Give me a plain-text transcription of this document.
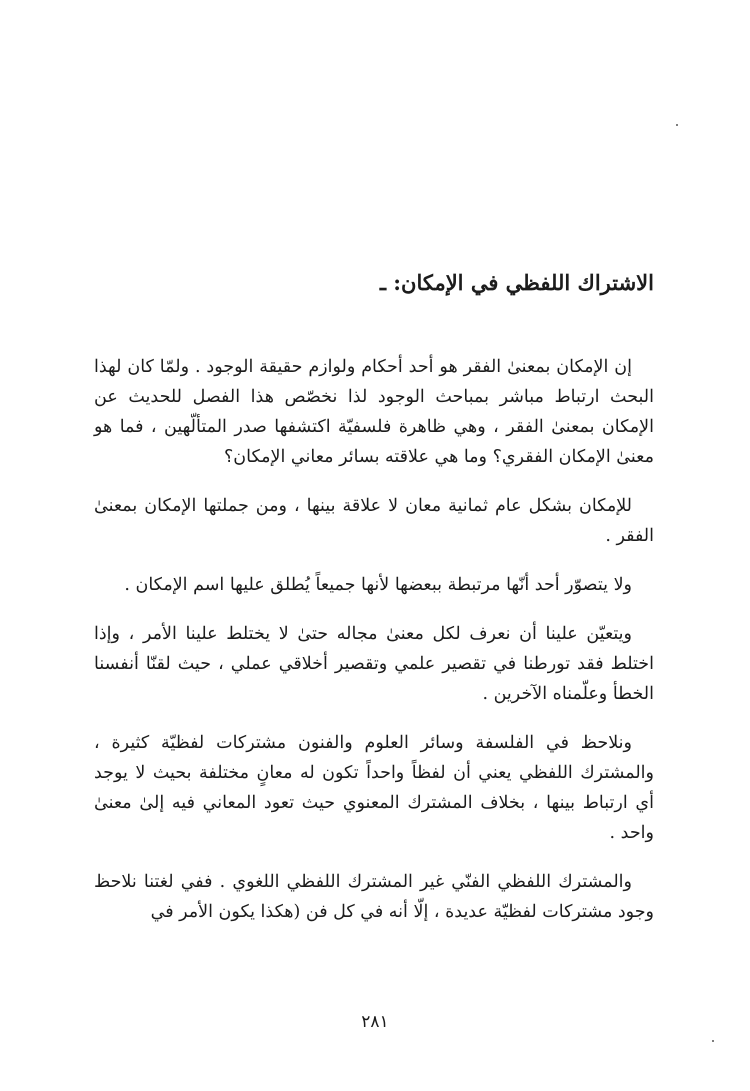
الاشتراك اللفظي في الإمكان: ـ

إن الإمكان بمعنىٰ الفقر هو أحد أحكام ولوازم حقيقة الوجود . ولمّا كان لهذا البحث ارتباط مباشر بمباحث الوجود لذا نخصّص هذا الفصل للحديث عن الإمكان بمعنىٰ الفقر ، وهي ظاهرة فلسفيّة اكتشفها صدر المتألّهين ، فما هو معنىٰ الإمكان الفقري؟ وما هي علاقته بسائر معاني الإمكان؟

للإمكان بشكل عام ثمانية معان لا علاقة بينها ، ومن جملتها الإمكان بمعنىٰ الفقر .

ولا يتصوّر أحد أنّها مرتبطة ببعضها لأنها جميعاً يُطلق عليها اسم الإمكان .

ويتعيّن علينا أن نعرف لكل معنىٰ مجاله حتىٰ لا يختلط علينا الأمر ، وإذا اختلط فقد تورطنا في تقصير علمي وتقصير أخلاقي عملي ، حيث لقنّا أنفسنا الخطأ وعلّمناه الآخرين .

ونلاحظ في الفلسفة وسائر العلوم والفنون مشتركات لفظيّة كثيرة ، والمشترك اللفظي يعني أن لفظاً واحداً تكون له معانٍ مختلفة بحيث لا يوجد أي ارتباط بينها ، بخلاف المشترك المعنوي حيث تعود المعاني فيه إلىٰ معنىٰ واحد .

والمشترك اللفظي الفنّي غير المشترك اللفظي اللغوي . ففي لغتنا نلاحظ وجود مشتركات لفظيّة عديدة ، إلّا أنه في كل فن (هكذا يكون الأمر في

٢٨١
